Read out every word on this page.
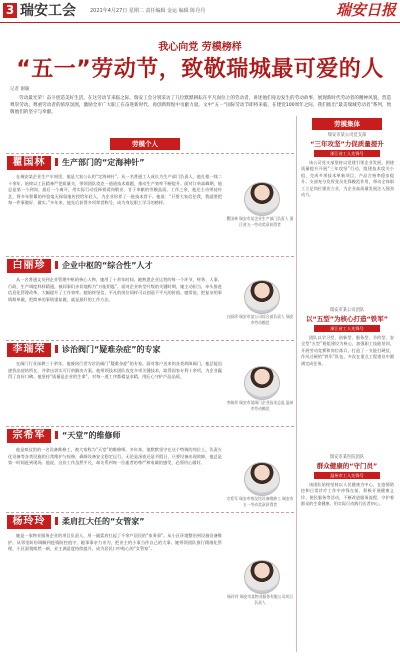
3 瑞安工会	2021年4月27日 星期二 责任编辑 金运 编辑 陈丹丹	瑞安日报
我心向党 劳模榜样
“五一”劳动节，致敬瑞城最可爱的人
记者 谢颖
劳动最光荣！奋斗创造美好生活。在这劳动节来临之际，瑞安工会分别采访了几位默默耕耘在平凡岗位上的劳动者，讲述他们身边发生的劳动故事，展现新时代劳动者的精神风貌，营造尊崇劳动、尊重劳动者的浓厚氛围，激励全市广大职工在奋进新时代、再创新辉煌中贡献力量。文中“五一”国际劳动节即将来临，在建党100周年之际，我们推出“最美瑞城劳动者”系列，致敬他们的坚守与奉献。
劳模个人
劳模集体
瞿国林	生产部门的“定海神针”
在瑞安某企业生产车间里，他是大家公认的“定海神针”。从一名普通工人成长为生产部门负责人，他扎根一线二十余年，始终以工匠精神严把质量关，带领团队攻克一道道技术难题，推动生产效率不断提升。面对订单高峰期，他总是第一个到岗、最后一个离开，用实际行动诠释着爱岗敬业、甘于奉献的劳模品质。工作之余，他还主动带徒传艺，将多年积累的经验毫无保留地传授给年轻人，为企业培养了一批技术骨干。他说：“只要大家信任我，我就要把每一件事做好、做实。”多年来，他先后获得多项荣誉称号，成为身边职工学习的榜样。
瞿国林 瑞安市某企业生产部门负责人 浙江省五一劳动奖章获得者
白丽珍	企业中枢的“综合性”人才
从一名普通文员到企业管理中枢的核心人物，她用了十余年时间。她熟悉企业运营的每一个环节，财务、人事、行政、生产调度样样精通，被同事们亲切地称为“万能钥匙”。面对企业转型升级的关键时期，她主动担当，牵头推进信息化管理改革，大幅提升了工作效率。她始终坚信，平凡的岗位同样可以创造不平凡的价值。她常说，把复杂的事情简单做，把简单的事情重复做，就是最好的工作方法。
白丽珍 瑞安市某公司综合部负责人 瑞安市劳动模范
李瑞荣	诊治阀门“疑难杂症”的专家
在阀门行业深耕三十余年，他被同行誉为诊治阀门“疑难杂症”的专家。面对客户送来的各类故障阀门，他总能迅速找出症结所在，并拿出切实可行的解决方案。他带领技术团队攻克多项关键技术，取得国家专利十余项，为企业赢得了良好口碑。他坚持“质量是企业的生命”，对每一道工序都精益求精，用匠心守护产品品质。
李瑞荣 瑞安市某阀门企业技术总监 温州市劳动模范
宗希军	“天堂”的维修师
他是殡仪馆的一名设备维修工，被大家称为“天堂”的维修师。多年来，他默默坚守在这个特殊的岗位上，负责火化设备等各类设施的日常维护与检修，确保设备安全稳定运行。无论是深夜还是节假日，只要设备出现故障，他总是第一时间赶到现场。他说，这份工作虽然平凡，却关系到每一位逝者的尊严和家属的感受，必须用心做好。
宗希军 瑞安市殡仪馆设备维修工 瑞安市五一劳动奖章获得者
杨玲玲	柔肩扛大任的“女管家”
她是一家物业服务企业的项目负责人，用一副柔肩扛起了千余户居民的“家务事”。从小区环境整治到设施设备维护，从邻里纠纷调解到疫情防控值守，她事事亲力亲为，把业主的小事当作自己的大事。她带领团队推行精细化管理，小区面貌焕然一新，业主满意度持续提升，成为居民口中贴心的“女管家”。
杨玲玲 瑞安市某物业服务有限公司项目负责人
瑞安市某公司党支部
“三年攻坚”力促质量提升
浙江省工人先锋号
该公司党支部坚持以党建引领企业发展，围绕质量提升开展“三年攻坚”行动，组建技术攻关小组，完成多项技术革新项目，产品合格率稳步提升。支部充分发挥党员先锋模范作用，带动全体职工立足岗位建功立业，为企业高质量发展注入强劲动力。
瑞安市某公司团队
以“五型”为核心打造“铁军”
浙江省工人先锋号
团队以学习型、创新型、服务型、节约型、安全型“五型”班组建设为核心，加强职工技能培训，开展劳动竞赛和岗位练兵，打造了一支能打硬仗、作风过硬的“铁军”队伍，多次在重点工程建设中圆满完成任务。
瑞安市某医院团队
群众健康的“守门员”
温州市工人先锋号
该团队始终坚持以人民健康为中心，在疫情防控和日常诊疗工作中冲锋在前，积极开展健康义诊、便民服务等活动，不断改进服务流程，守护着群众的生命健康，用实际行动践行医者初心。
